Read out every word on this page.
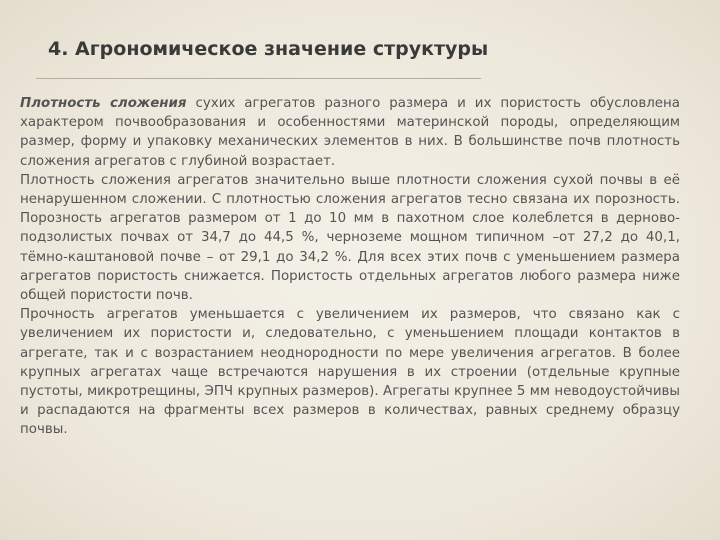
4. Агрономическое значение структуры

Плотность сложения сухих агрегатов разного размера и их пористость обусловлена характером почвообразования и особенностями материнской породы, определяющим размер, форму и упаковку механических элементов в них. В большинстве почв плотность сложения агрегатов с глубиной возрастает.

Плотность сложения агрегатов значительно выше плотности сложения сухой почвы в её ненарушенном сложении. С плотностью сложения агрегатов тесно связана их порозность. Порозность агрегатов размером от 1 до 10 мм в пахотном слое колеблется в дерново-подзолистых почвах от 34,7 до 44,5 %, черноземе мощном типичном –от 27,2 до 40,1, тёмно-каштановой почве – от 29,1 до 34,2 %. Для всех этих почв с уменьшением размера агрегатов пористость снижается. Пористость отдельных агрегатов любого размера ниже общей пористости почв.

Прочность агрегатов уменьшается с увеличением их размеров, что связано как с увеличением их пористости и, следовательно, с уменьшением площади контактов в агрегате, так и с возрастанием неоднородности по мере увеличения агрегатов. В более крупных агрегатах чаще встречаются нарушения в их строении (отдельные крупные пустоты, микротрещины, ЭПЧ крупных размеров). Агрегаты крупнее 5 мм неводоустойчивы и распадаются на фрагменты всех размеров в количествах, равных среднему образцу почвы.
